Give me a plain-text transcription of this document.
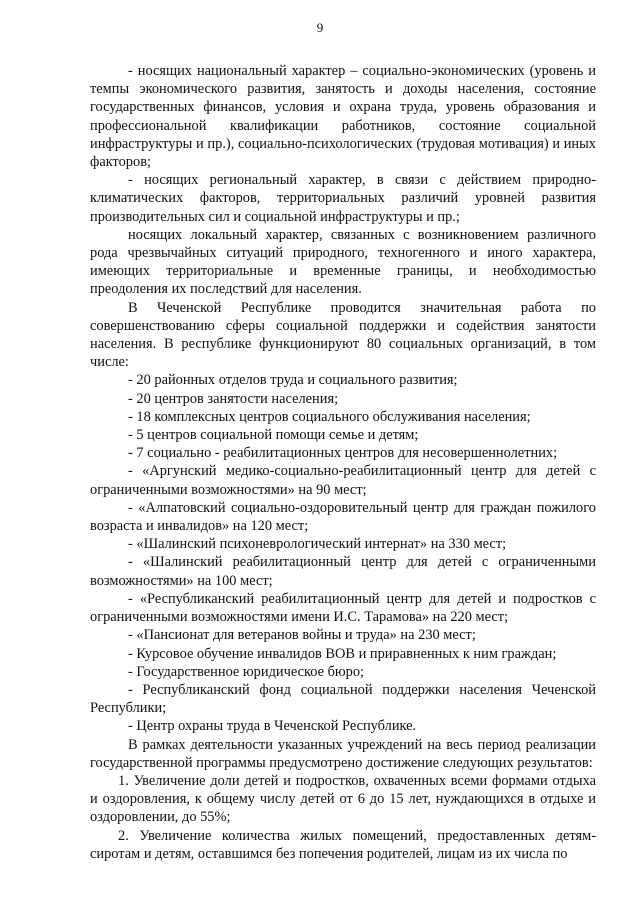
9

- носящих национальный характер – социально-экономических (уровень и темпы экономического развития, занятость и доходы населения, состояние государственных финансов, условия и охрана труда, уровень образования и профессиональной квалификации работников, состояние социальной инфраструктуры и пр.), социально-психологических (трудовая мотивация) и иных факторов;

- носящих региональный характер, в связи с действием природно-климатических факторов, территориальных различий уровней развития производительных сил и социальной инфраструктуры и пр.;

носящих локальный характер, связанных с возникновением различного рода чрезвычайных ситуаций природного, техногенного и иного характера, имеющих территориальные и временные границы, и необходимостью преодоления их последствий для населения.

В Чеченской Республике проводится значительная работа по совершенствованию сферы социальной поддержки и содействия занятости населения. В республике функционируют 80 социальных организаций, в том числе:

- 20 районных отделов труда и социального развития;

- 20 центров занятости населения;

- 18 комплексных центров социального обслуживания населения;

- 5 центров социальной помощи семье и детям;

- 7 социально - реабилитационных центров для несовершеннолетних;

- «Аргунский медико-социально-реабилитационный центр для детей с ограниченными возможностями» на 90 мест;

- «Алпатовский социально-оздоровительный центр для граждан пожилого возраста и инвалидов» на 120 мест;

- «Шалинский психоневрологический интернат» на 330 мест;

- «Шалинский реабилитационный центр для детей с ограниченными возможностями» на 100 мест;

- «Республиканский реабилитационный центр для детей и подростков с ограниченными возможностями имени И.С. Тарамова» на 220 мест;

- «Пансионат для ветеранов войны и труда» на 230 мест;

- Курсовое обучение инвалидов ВОВ и приравненных к ним граждан;

- Государственное юридическое бюро;

- Республиканский фонд социальной поддержки населения Чеченской Республики;

- Центр охраны труда в Чеченской Республике.

В рамках деятельности указанных учреждений на весь период реализации государственной программы предусмотрено достижение следующих результатов:

1. Увеличение доли детей и подростков, охваченных всеми формами отдыха и оздоровления, к общему числу детей от 6 до 15 лет, нуждающихся в отдыхе и оздоровлении, до 55%;

2. Увеличение количества жилых помещений, предоставленных детям-сиротам и детям, оставшимся без попечения родителей, лицам из их числа по
